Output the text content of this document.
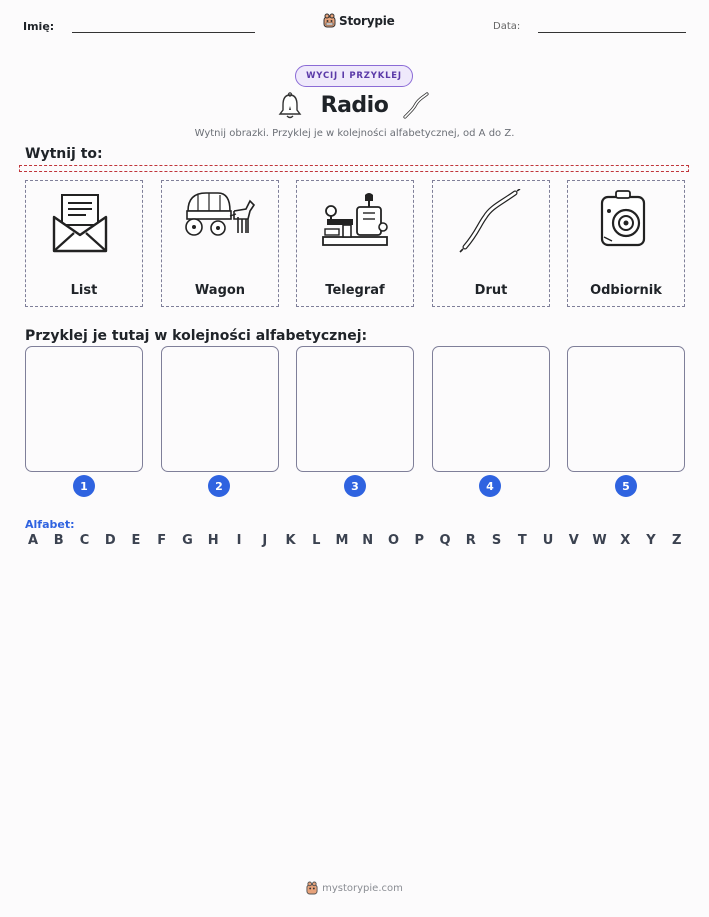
Imię:	Storypie	Data:
WYCIJ I PRZYKLEJ
Radio
Wytnij obrazki. Przyklej je w kolejności alfabetycznej, od A do Z.
Wytnij to:
List	Wagon	Telegraf	Drut	Odbiornik
Przyklej je tutaj w kolejności alfabetycznej:
1	2	3	4	5
Alfabet:
A B C D E F G H	I	J	K L M N O P Q R S T U V W X Y Z
mystorypie.com
